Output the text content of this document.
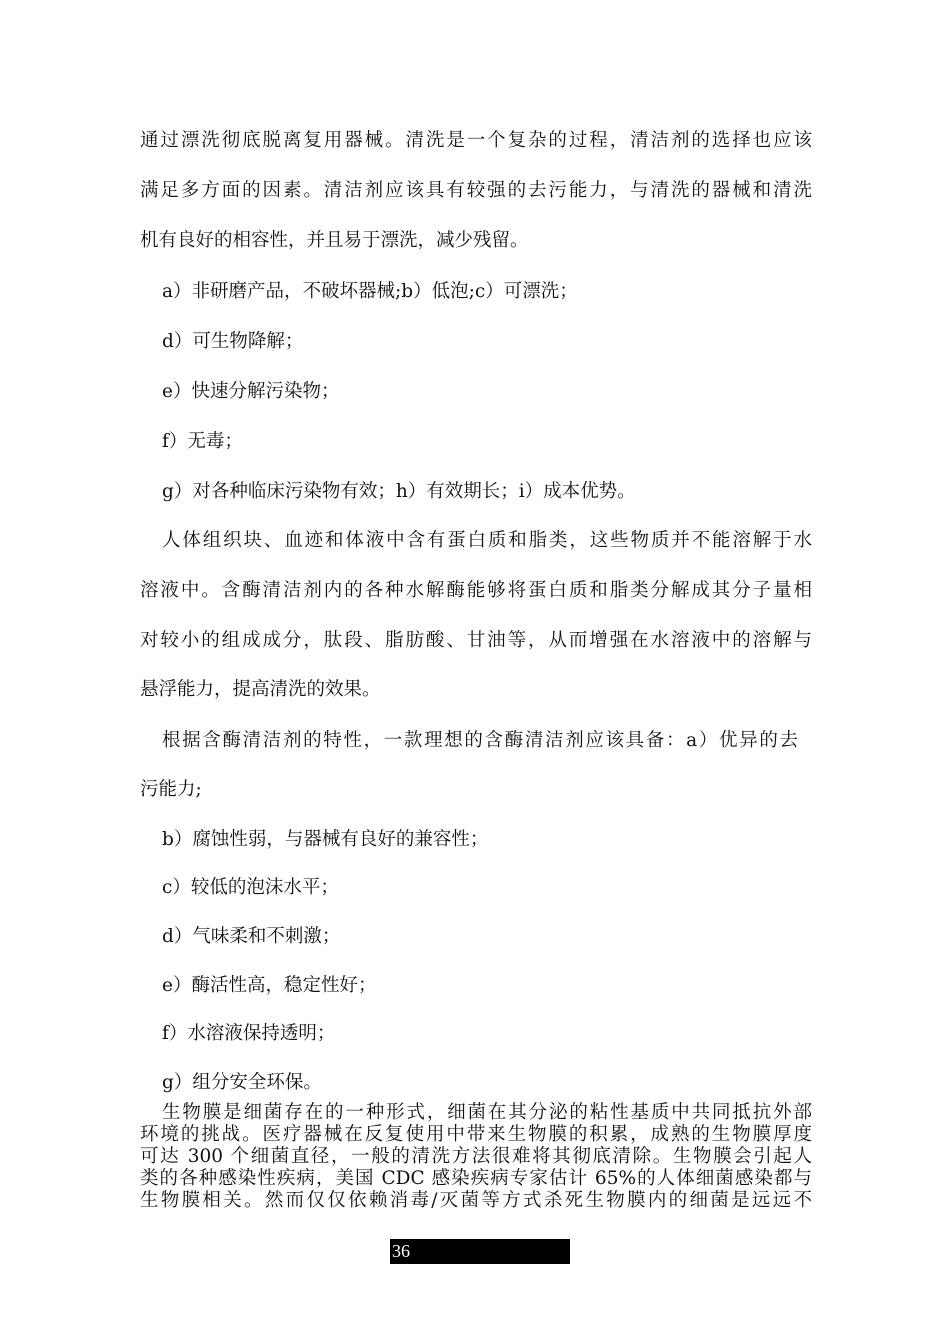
通过漂洗彻底脱离复用器械。清洗是一个复杂的过程，清洁剂的选择也应该
满足多方面的因素。清洁剂应该具有较强的去污能力，与清洗的器械和清洗
机有良好的相容性，并且易于漂洗，减少残留。
a）非研磨产品，不破坏器械;b）低泡;c）可漂洗；
d）可生物降解；
e）快速分解污染物；
f）无毒；
g）对各种临床污染物有效；h）有效期长；i）成本优势。
人体组织块、血迹和体液中含有蛋白质和脂类，这些物质并不能溶解于水
溶液中。含酶清洁剂内的各种水解酶能够将蛋白质和脂类分解成其分子量相
对较小的组成成分，肽段、脂肪酸、甘油等，从而增强在水溶液中的溶解与
悬浮能力，提高清洗的效果。
根据含酶清洁剂的特性，一款理想的含酶清洁剂应该具备：a）优异的去
污能力;
b）腐蚀性弱，与器械有良好的兼容性；
c）较低的泡沫水平；
d）气味柔和不刺激；
e）酶活性高，稳定性好；
f）水溶液保持透明；
g）组分安全环保。
生物膜是细菌存在的一种形式，细菌在其分泌的粘性基质中共同抵抗外部
环境的挑战。医疗器械在反复使用中带来生物膜的积累，成熟的生物膜厚度
可达 300 个细菌直径，一般的清洗方法很难将其彻底清除。生物膜会引起人
类的各种感染性疾病，美国 CDC 感染疾病专家估计 65%的人体细菌感染都与
生物膜相关。然而仅仅依赖消毒/灭菌等方式杀死生物膜内的细菌是远远不
36
